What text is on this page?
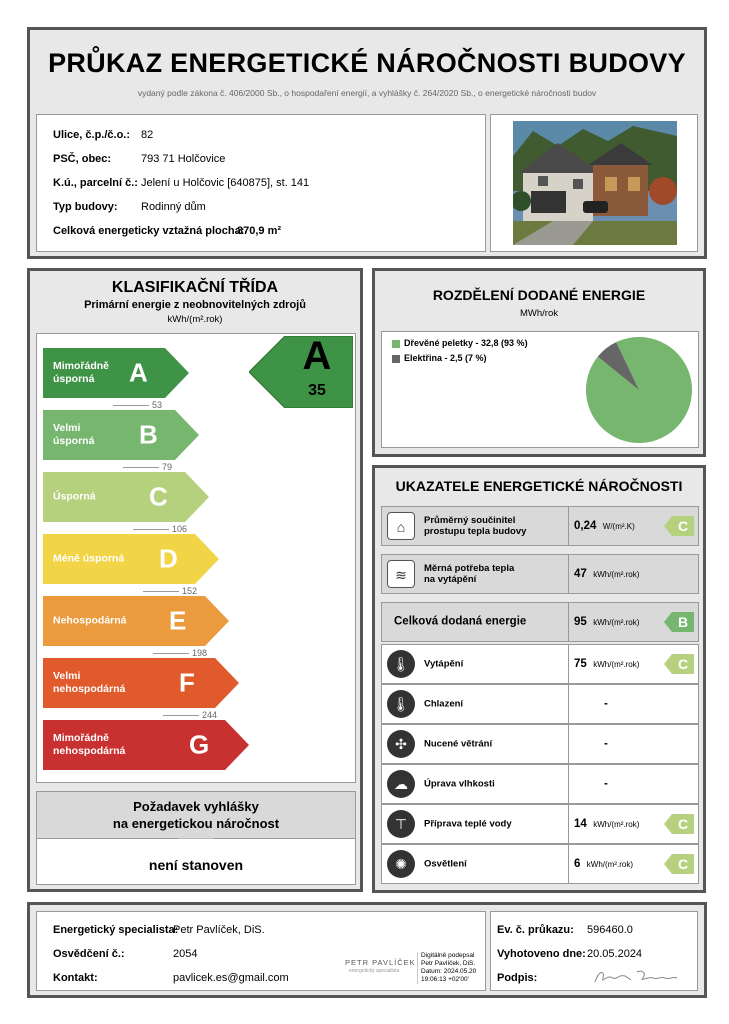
PRŮKAZ ENERGETICKÉ NÁROČNOSTI BUDOVY
vydaný podle zákona č. 406/2000 Sb., o hospodaření energií, a vyhlášky č. 264/2020 Sb., o energetické náročnosti budov
Ulice, č.p./č.o.: 82
PSČ, obec:	793 71 Holčovice
K.ú., parcelní č.: Jelení u Holčovic [640875], st. 141
Typ budovy: Rodinný dům
Celková energeticky vztažná plocha:
370,9 m²
KLASIFIKAČNÍ TŘÍDA
Primární energie z neobnovitelných zdrojů
kWh/(m².rok)
Mimořádně
úsporná	A
53
Velmi
úsporná B
79
Úsporná C
106
Méně úsporná D
152
Nehospodárná E
198
Velmi
nehospodárná F
244
Mimořádně
nehospodárná G
A
35
Požadavek vyhlášky
na energetickou náročnost
není stanoven
ROZDĚLENÍ DODANÉ ENERGIE
MWh/rok
Dřevěné peletky - 32,8 (93 %)
Elektřina - 2,5 (7 %)
UKAZATELE ENERGETICKÉ NÁROČNOSTI
⌂	Průměrný součinitel
prostupu tepla budovy	0,24 W/(m².K)	C
≋	Měrná potřeba tepla
na vytápění	47 kWh/(m².rok)
Celková dodaná energie	95 kWh/(m².rok)	B
🌡	Vytápění	75 kWh/(m².rok)	C
🌡	Chlazení	-
✣	Nucené větrání	-
☁	Úprava vlhkosti	-
⊤	Příprava teplé vody	14 kWh/(m².rok)	C
✺	Osvětlení	6 kWh/(m².rok)	C
Energetický specialista:
Petr Pavlíček, DiS.
Osvědčení č.:	2054
Kontakt:	pavlicek.es@gmail.com
PETR PAVLÍČEK
energetický specialista
Digitálně podepsal
Petr Pavlíček, DiS.
Datum: 2024.05.20
19:06:13 +02'00'
Ev. č. průkazu: 596460.0
Vyhotoveno dne: 20.05.2024
Podpis:
